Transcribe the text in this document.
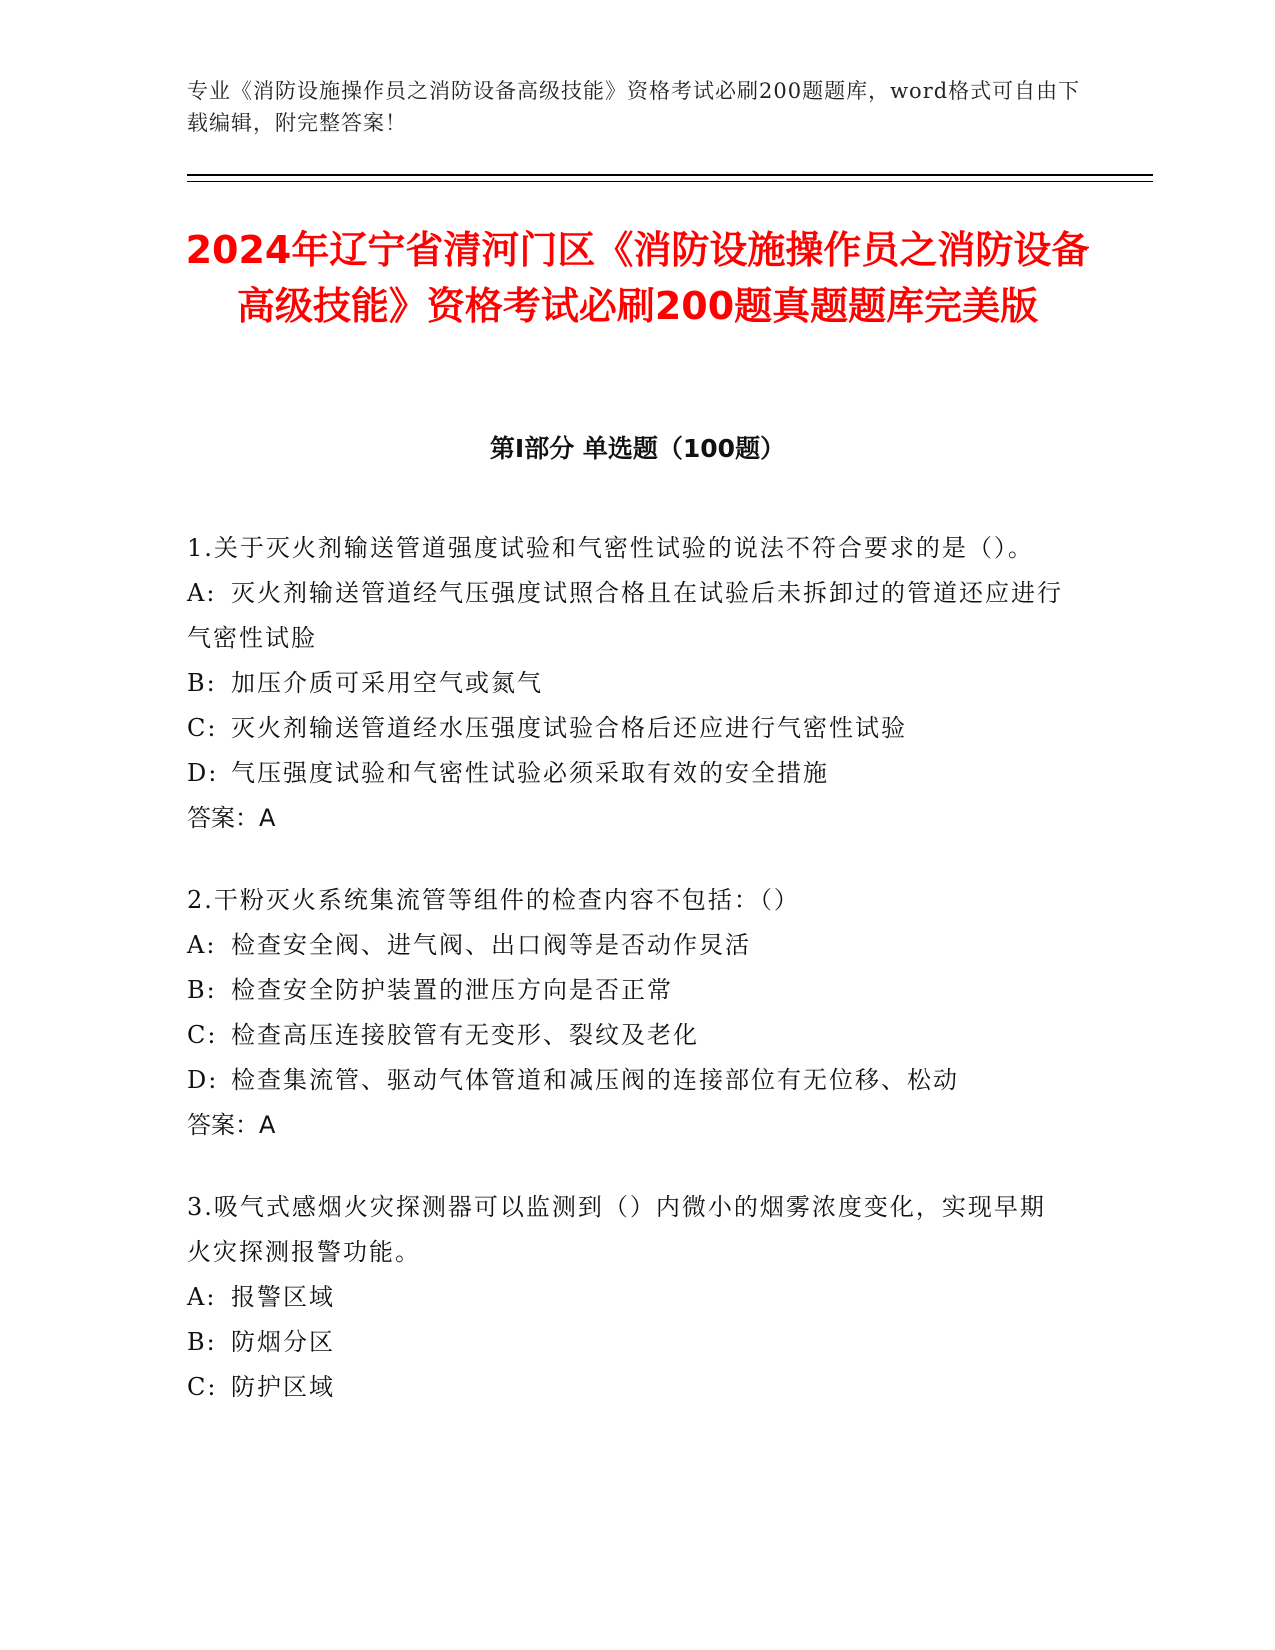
专业《消防设施操作员之消防设备高级技能》资格考试必刷200题题库，word格式可自由下载编辑，附完整答案！

2024年辽宁省清河门区《消防设施操作员之消防设备高级技能》资格考试必刷200题真题题库完美版
第Ⅰ部分 单选题（100题）

1.关于灭火剂输送管道强度试验和气密性试验的说法不符合要求的是（）。

A: 灭火剂输送管道经气压强度试照合格且在试验后未拆卸过的管道还应进行气密性试脸

B: 加压介质可采用空气或氮气

C: 灭火剂输送管道经水压强度试验合格后还应进行气密性试验

D: 气压强度试验和气密性试验必须采取有效的安全措施

答案：A

2.干粉灭火系统集流管等组件的检查内容不包括：（）

A: 检查安全阀、进气阀、出口阀等是否动作炅活

B: 检查安全防护装置的泄压方向是否正常

C: 检查高压连接胶管有无变形、裂纹及老化

D: 检查集流管、驱动气体管道和减压阀的连接部位有无位移、松动

答案：A

3.吸气式感烟火灾探测器可以监测到（）内微小的烟雾浓度变化，实现早期火灾探测报警功能。

A: 报警区域

B: 防烟分区

C: 防护区域
